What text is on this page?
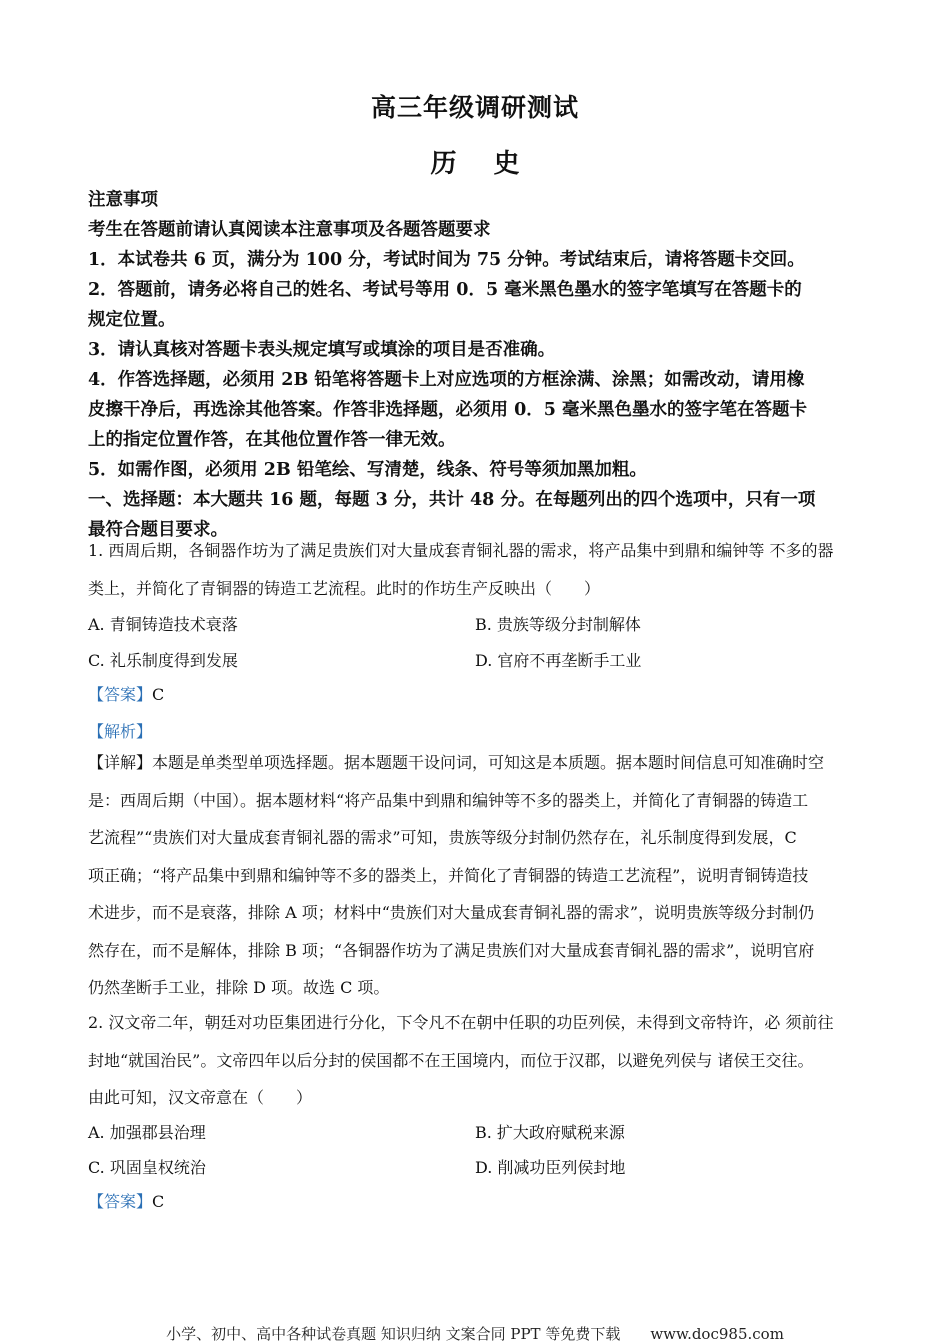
高三年级调研测试
历 史
注意事项
考生在答题前请认真阅读本注意事项及各题答题要求
1．本试卷共 6 页，满分为 100 分，考试时间为 75 分钟。考试结束后，请将答题卡交回。
2．答题前，请务必将自己的姓名、考试号等用 0．5 毫米黑色墨水的签字笔填写在答题卡的
规定位置。
3．请认真核对答题卡表头规定填写或填涂的项目是否准确。
4．作答选择题，必须用 2B 铅笔将答题卡上对应选项的方框涂满、涂黑；如需改动，请用橡
皮擦干净后，再选涂其他答案。作答非选择题，必须用 0．5 毫米黑色墨水的签字笔在答题卡
上的指定位置作答，在其他位置作答一律无效。
5．如需作图，必须用 2B 铅笔绘、写清楚，线条、符号等须加黑加粗。
一、选择题：本大题共 16 题，每题 3 分，共计 48 分。在每题列出的四个选项中，只有一项
最符合题目要求。
1. 西周后期，各铜器作坊为了满足贵族们对大量成套青铜礼器的需求，将产品集中到鼎和编钟等 不多的器
类上，并简化了青铜器的铸造工艺流程。此时的作坊生产反映出（　　）
A. 青铜铸造技术衰落	B. 贵族等级分封制解体
C. 礼乐制度得到发展	D. 官府不再垄断手工业
【答案】C
【解析】
【详解】本题是单类型单项选择题。据本题题干设问词，可知这是本质题。据本题时间信息可知准确时空
是：西周后期（中国）。据本题材料“将产品集中到鼎和编钟等不多的器类上，并简化了青铜器的铸造工
艺流程”“贵族们对大量成套青铜礼器的需求”可知，贵族等级分封制仍然存在，礼乐制度得到发展，C
项正确；“将产品集中到鼎和编钟等不多的器类上，并简化了青铜器的铸造工艺流程”，说明青铜铸造技
术进步，而不是衰落，排除 A 项；材料中“贵族们对大量成套青铜礼器的需求”，说明贵族等级分封制仍
然存在，而不是解体，排除 B 项；“各铜器作坊为了满足贵族们对大量成套青铜礼器的需求”，说明官府
仍然垄断手工业，排除 D 项。故选 C 项。
2. 汉文帝二年，朝廷对功臣集团进行分化，下令凡不在朝中任职的功臣列侯，未得到文帝特许，必 须前往
封地“就国治民”。文帝四年以后分封的侯国都不在王国境内，而位于汉郡，以避免列侯与 诸侯王交往。
由此可知，汉文帝意在（　　）
A. 加强郡县治理	B. 扩大政府赋税来源
C. 巩固皇权统治	D. 削减功臣列侯封地
【答案】C
小学、初中、高中各种试卷真题 知识归纳 文案合同 PPT 等免费下载　　www.doc985.com
